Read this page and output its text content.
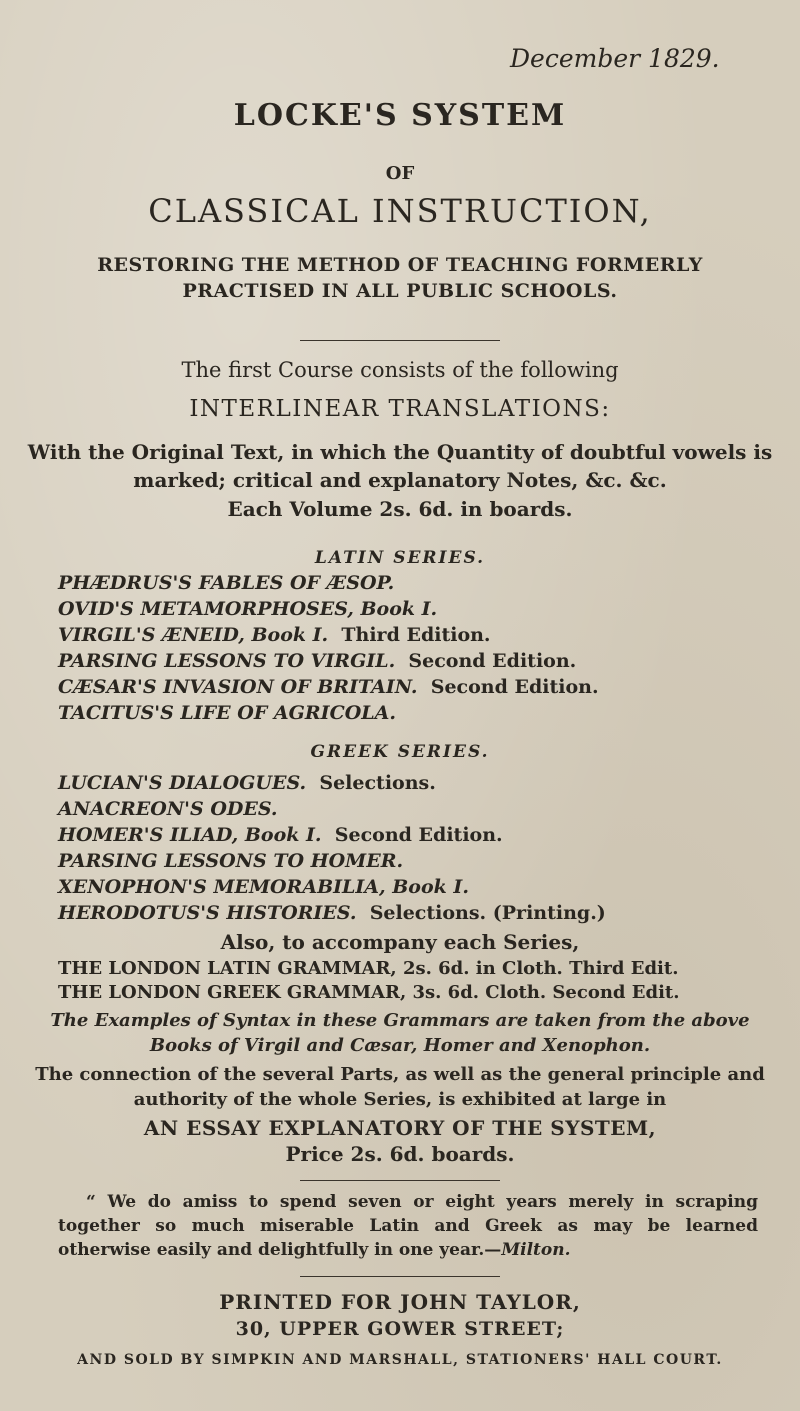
December 1829.
LOCKE'S SYSTEM
OF
CLASSICAL INSTRUCTION,
RESTORING THE METHOD OF TEACHING FORMERLY
PRACTISED IN ALL PUBLIC SCHOOLS.
The first Course consists of the following
INTERLINEAR TRANSLATIONS:
With the Original Text, in which the Quantity of doubtful vowels is
marked; critical and explanatory Notes, &c. &c.
Each Volume 2s. 6d. in boards.
LATIN SERIES.
PHÆDRUS'S FABLES OF ÆSOP.
OVID'S METAMORPHOSES, Book I.
VIRGIL'S ÆNEID, Book I. Third Edition.
PARSING LESSONS TO VIRGIL. Second Edition.
CÆSAR'S INVASION OF BRITAIN. Second Edition.
TACITUS'S LIFE OF AGRICOLA.
GREEK SERIES.
Also, to accompany each Series,
THE LONDON LATIN GRAMMAR, 2s. 6d. in Cloth. Third Edit.
THE LONDON GREEK GRAMMAR, 3s. 6d. Cloth. Second Edit.
The Examples of Syntax in these Grammars are taken from the above
Books of Virgil and Cæsar, Homer and Xenophon.
The connection of the several Parts, as well as the general principle and
authority of the whole Series, is exhibited at large in
AN ESSAY EXPLANATORY OF THE SYSTEM,
Price 2s. 6d. boards.
“ We do amiss to spend seven or eight years merely in scraping together so much miserable Latin and Greek as may be learned otherwise easily and delightfully in one year.—Milton.
PRINTED FOR JOHN TAYLOR,
30, UPPER GOWER STREET;
AND SOLD BY SIMPKIN AND MARSHALL, STATIONERS' HALL COURT.
LUCIAN'S DIALOGUES. Selections.
ANACREON'S ODES.
HOMER'S ILIAD, Book I. Second Edition.
PARSING LESSONS TO HOMER.
XENOPHON'S MEMORABILIA, Book I.
HERODOTUS'S HISTORIES. Selections. (Printing.)
